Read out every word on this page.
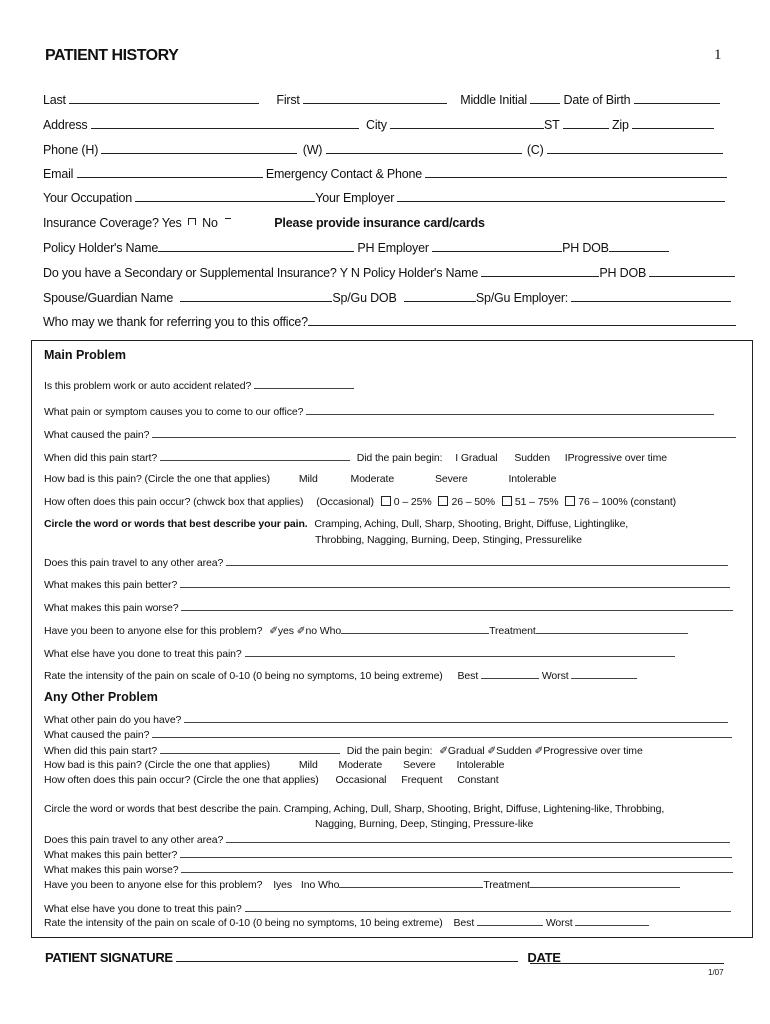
PATIENT HISTORY	1
Last	First	Middle Initial	Date of Birth
Address	City	ST	Zip
Phone (H)	(W)	(C)
Email	Emergency Contact & Phone
Your Occupation	Your Employer
Insurance Coverage? Yes No	Please provide insurance card/cards
Policy Holder's Name	PH Employer	PH DOB
Do you have a Secondary or Supplemental Insurance? Y N Policy Holder's Name	PH DOB
Spouse/Guardian Name	Sp/Gu DOB	Sp/Gu Employer:
Who may we thank for referring you to this office?
Main Problem
Is this problem work or auto accident related?
What pain or symptom causes you to come to our office?
What caused the pain?
When did this pain start?	Did the pain begin: I Gradual Sudden IProgressive over time
How bad is this pain? (Circle the one that applies)	Mild	Moderate	Severe	Intolerable
How often does this pain occur? (chwck box that applies) (Occasional) 0 – 25% 26 – 50% 51 – 75% 76 – 100% (constant)
Circle the word or words that best describe your pain. Cramping, Aching, Dull, Sharp, Shooting, Bright, Diffuse, Lightinglike,
Throbbing, Nagging, Burning, Deep, Stinging, Pressurelike
Does this pain travel to any other area?
What makes this pain better?
What makes this pain worse?
Have you been to anyone else for this problem? ✐yes ✐no Who	Treatment
What else have you done to treat this pain?
Rate the intensity of the pain on scale of 0-10 (0 being no symptoms, 10 being extreme) Best	Worst
Any Other Problem
What other pain do you have?
What caused the pain?
When did this pain start?	Did the pain begin: ✐Gradual ✐Sudden ✐Progressive over time
How bad is this pain? (Circle the one that applies)	Mild Moderate Severe Intolerable
How often does this pain occur? (Circle the one that applies) Occasional Frequent Constant
Circle the word or words that best describe the pain. Cramping, Aching, Dull, Sharp, Shooting, Bright, Diffuse, Lightening-like, Throbbing,
Nagging, Burning, Deep, Stinging, Pressure-like
Does this pain travel to any other area?
What makes this pain better?
What makes this pain worse?
Have you been to anyone else for this problem? Iyes Ino Who	Treatment
What else have you done to treat this pain?
Rate the intensity of the pain on scale of 0-10 (0 being no symptoms, 10 being extreme) Best	Worst
PATIENT SIGNATURE	DATE
1/07
